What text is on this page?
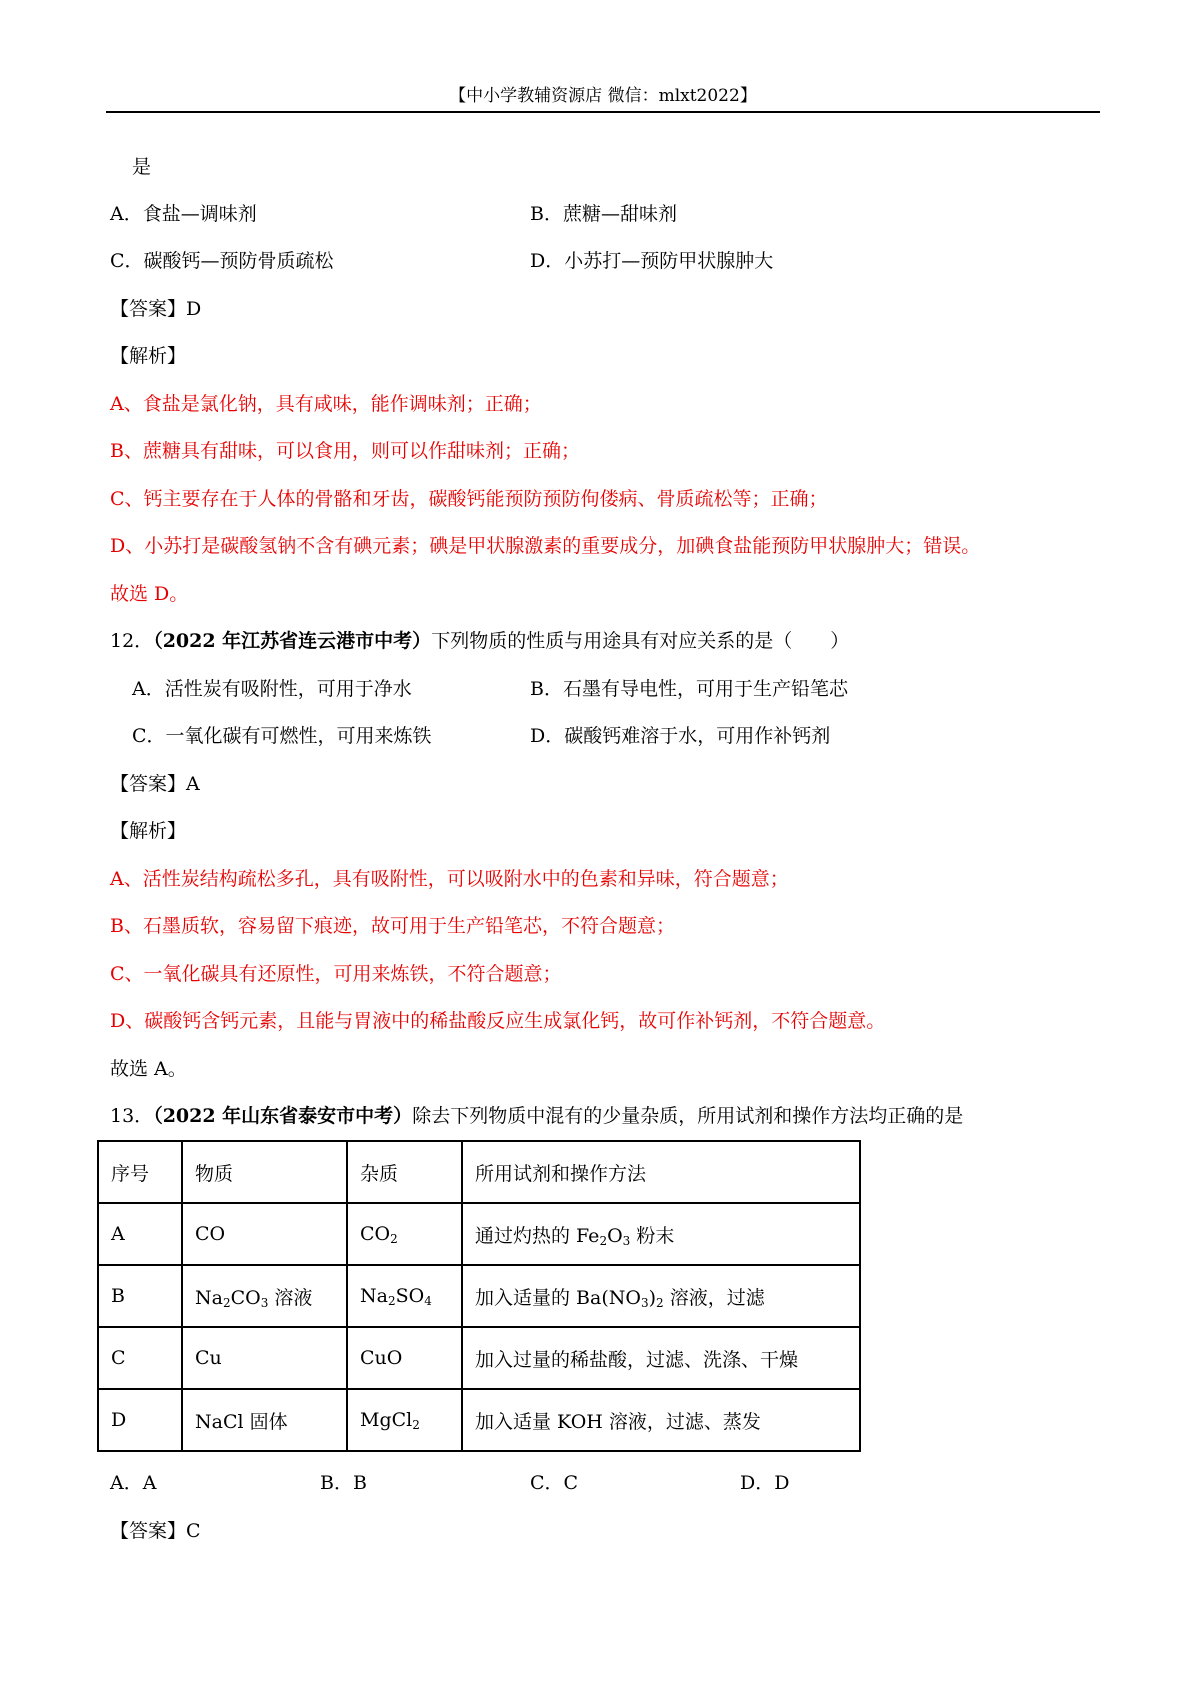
【中小学教辅资源店 微信：mlxt2022】
是
A．食盐—调味剂	B．蔗糖—甜味剂
C．碳酸钙—预防骨质疏松	D．小苏打—预防甲状腺肿大
【答案】D
【解析】
A、食盐是氯化钠，具有咸味，能作调味剂；正确；
B、蔗糖具有甜味，可以食用，则可以作甜味剂；正确；
C、钙主要存在于人体的骨骼和牙齿，碳酸钙能预防预防佝偻病、骨质疏松等；正确；
D、小苏打是碳酸氢钠不含有碘元素；碘是甲状腺激素的重要成分，加碘食盐能预防甲状腺肿大；错误。
故选 D。
12．（2022 年江苏省连云港市中考）下列物质的性质与用途具有对应关系的是（　　）
A．活性炭有吸附性，可用于净水	B．石墨有导电性，可用于生产铅笔芯
C．一氧化碳有可燃性，可用来炼铁	D．碳酸钙难溶于水，可用作补钙剂
【答案】A
【解析】
A、活性炭结构疏松多孔，具有吸附性，可以吸附水中的色素和异味，符合题意；
B、石墨质软，容易留下痕迹，故可用于生产铅笔芯，不符合题意；
C、一氧化碳具有还原性，可用来炼铁，不符合题意；
D、碳酸钙含钙元素，且能与胃液中的稀盐酸反应生成氯化钙，故可作补钙剂，不符合题意。
故选 A。
13．（2022 年山东省泰安市中考）除去下列物质中混有的少量杂质，所用试剂和操作方法均正确的是
序号	物质	杂质	所用试剂和操作方法
A	CO	$CO_2$	通过灼热的 $Fe_2O_3$ 粉末
B	$Na_2CO_3$ 溶液	$Na_2SO_4$	加入适量的 $Ba(NO_3)_2$ 溶液，过滤
C	Cu	CuO	加入过量的稀盐酸，过滤、洗涤、干燥
D	NaCl 固体	MgCl$_2$	加入适量 KOH 溶液，过滤、蒸发
A．A	B．B	C．C	D．D
【答案】C
